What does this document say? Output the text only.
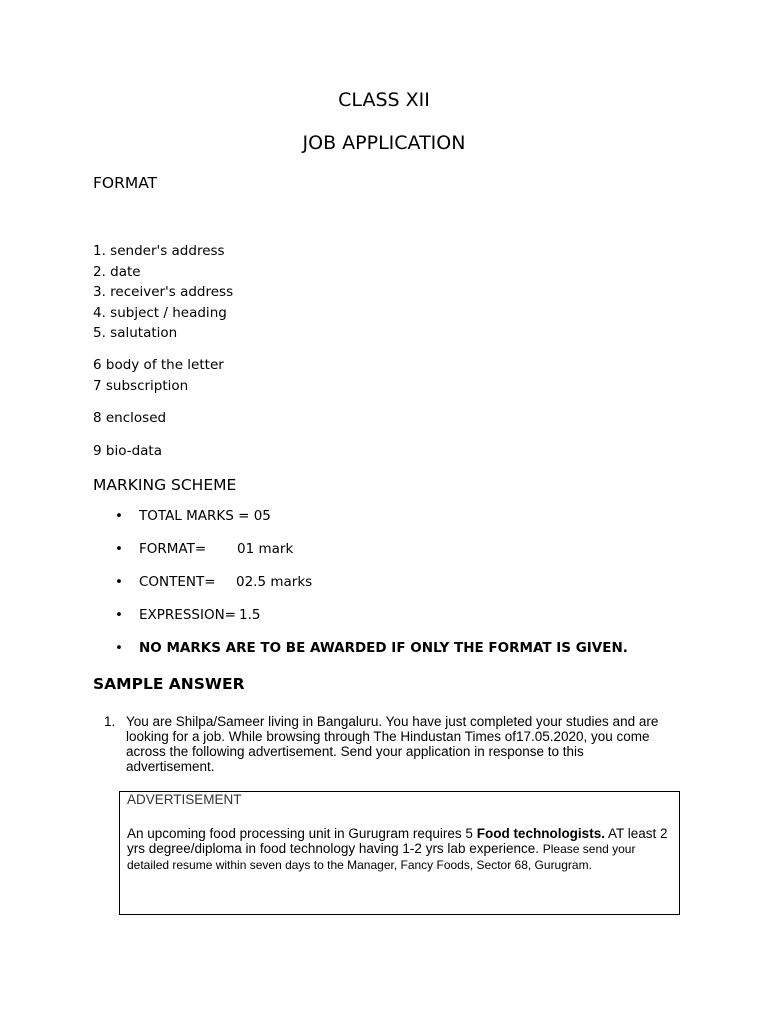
CLASS XII
JOB APPLICATION
FORMAT
1. sender's address
2. date
3. receiver's address
4. subject / heading
5. salutation
6 body of the letter
7 subscription
8 enclosed
9 bio-data
MARKING SCHEME
• TOTAL MARKS = 05
• FORMAT= 01 mark
• CONTENT= 02.5 marks
• EXPRESSION= 1.5
• NO MARKS ARE TO BE AWARDED IF ONLY THE FORMAT IS GIVEN.
SAMPLE ANSWER
1. You are Shilpa/Sameer living in Bangaluru. You have just completed your studies and are looking for a job. While browsing through The Hindustan Times of17.05.2020, you come across the following advertisement. Send your application in response to this advertisement.
ADVERTISEMENT
An upcoming food processing unit in Gurugram requires 5 Food technologists. AT least 2 yrs degree/diploma in food technology having 1-2 yrs lab experience. Please send your detailed resume within seven days to the Manager, Fancy Foods, Sector 68, Gurugram.
